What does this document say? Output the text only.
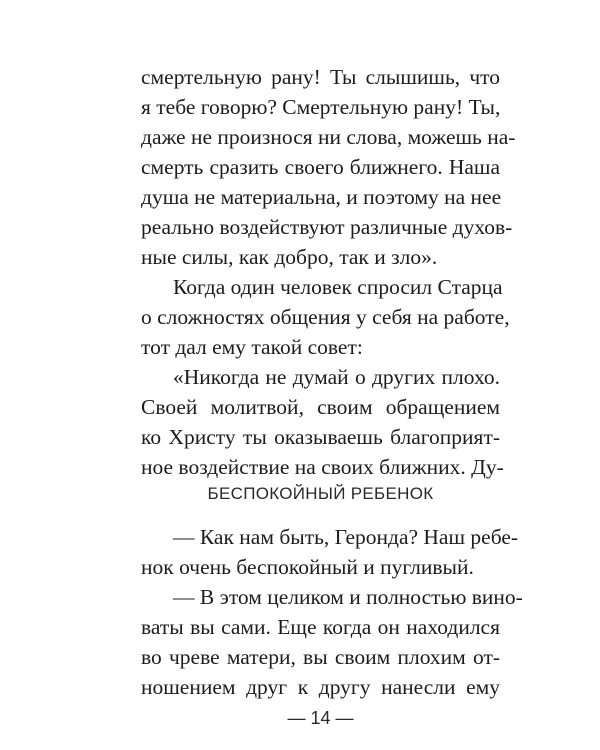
смертельную рану! Ты слышишь, что
я тебе говорю? Смертельную рану! Ты,
даже не произнося ни слова, можешь на-
смерть сразить своего ближнего. Наша
душа не материальна, и поэтому на нее
реально воздействуют различные духов-
ные силы, как добро, так и зло».
Когда один человек спросил Старца
о сложностях общения у себя на работе,
тот дал ему такой совет:
«Никогда не думай о других плохо.
Своей молитвой, своим обращением
ко Христу ты оказываешь благоприят-
ное воздействие на своих ближних. Ду-
БЕСПОКОЙНЫЙ РЕБЕНОК
— Как нам быть, Геронда? Наш ребе-
нок очень беспокойный и пугливый.
— В этом целиком и полностью вино-
ваты вы сами. Еще когда он находился
во чреве матери, вы своим плохим от-
ношением друг к другу нанесли ему
— 14 —
